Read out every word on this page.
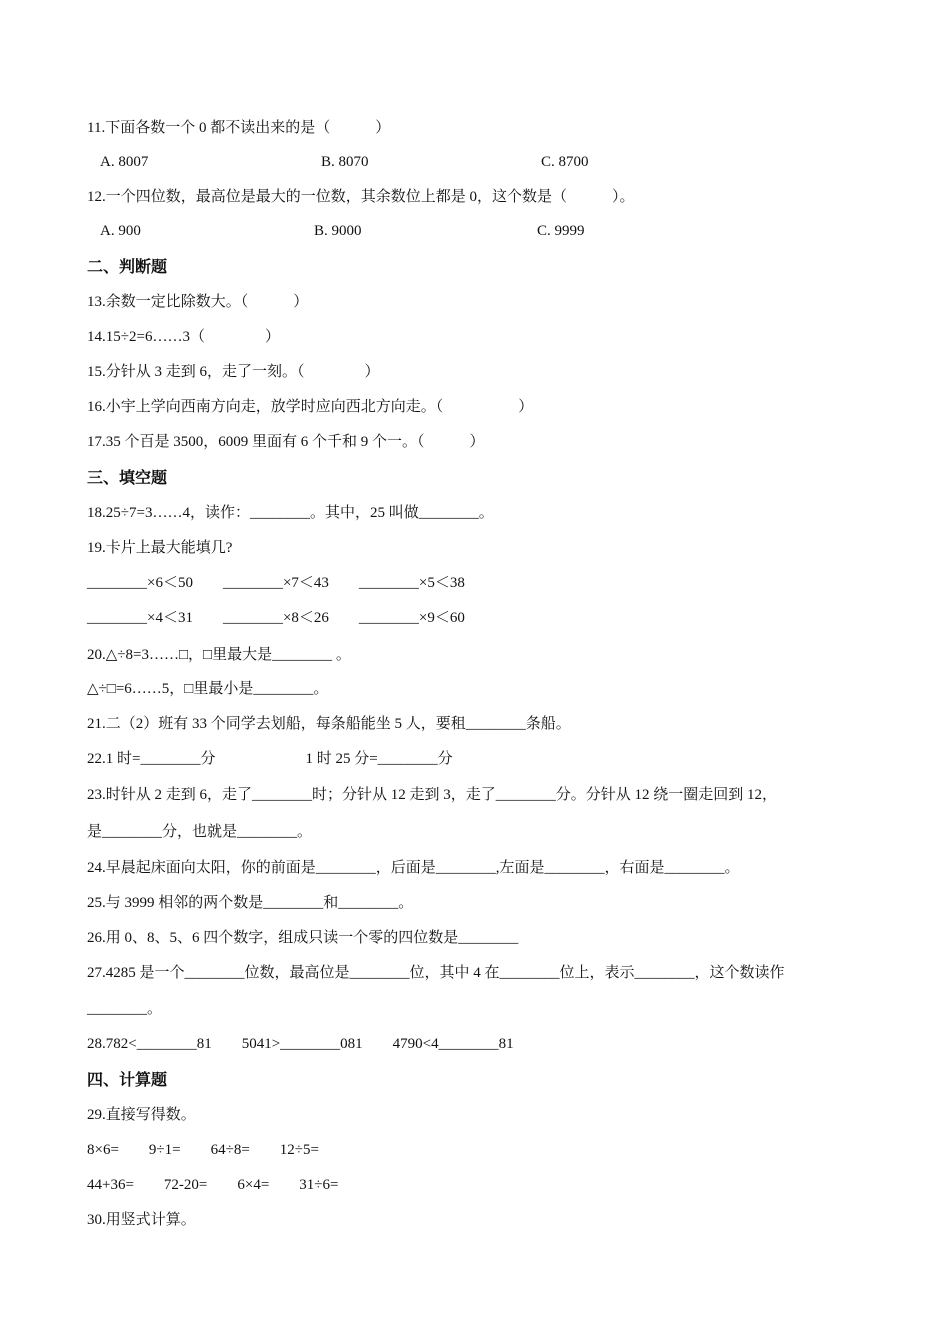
11.下面各数一个 0 都不读出来的是（　　　）
A. 8007	B. 8070	C. 8700
12.一个四位数，最高位是最大的一位数，其余数位上都是 0，这个数是（　　　）。
A. 900	B. 9000	C. 9999
二、判断题
13.余数一定比除数大。（　　　）
14.15÷2=6……3（　　　　）
15.分针从 3 走到 6，走了一刻。（　　　　）
16.小宇上学向西南方向走，放学时应向西北方向走。（　　　　　）
17.35 个百是 3500，6009 里面有 6 个千和 9 个一。（　　　）
三、填空题
18.25÷7=3……4，读作：________。其中，25 叫做________。
19.卡片上最大能填几?
________×6＜50　　________×7＜43　　________×5＜38
________×4＜31　　________×8＜26　　________×9＜60
20.△÷8=3……□，□里最大是________ 。
△÷□=6……5，□里最小是________。
21.二（2）班有 33 个同学去划船，每条船能坐 5 人，要租________条船。
22.1 时=________分　　　　　　1 时 25 分=________分
23.时针从 2 走到 6，走了________时；分针从 12 走到 3，走了________分。分针从 12 绕一圈走回到 12，
是________分，也就是________。
24.早晨起床面向太阳，你的前面是________，后面是________,左面是________，右面是________。
25.与 3999 相邻的两个数是________和________。
26.用 0、8、5、6 四个数字，组成只读一个零的四位数是________
27.4285 是一个________位数，最高位是________位，其中 4 在________位上，表示________，这个数读作
________。
28.782<________81　　5041>________081　　4790<4________81
四、计算题
29.直接写得数。
8×6=　　9÷1=　　64÷8=　　12÷5=
44+36=　　72-20=　　6×4=　　31÷6=
30.用竖式计算。
